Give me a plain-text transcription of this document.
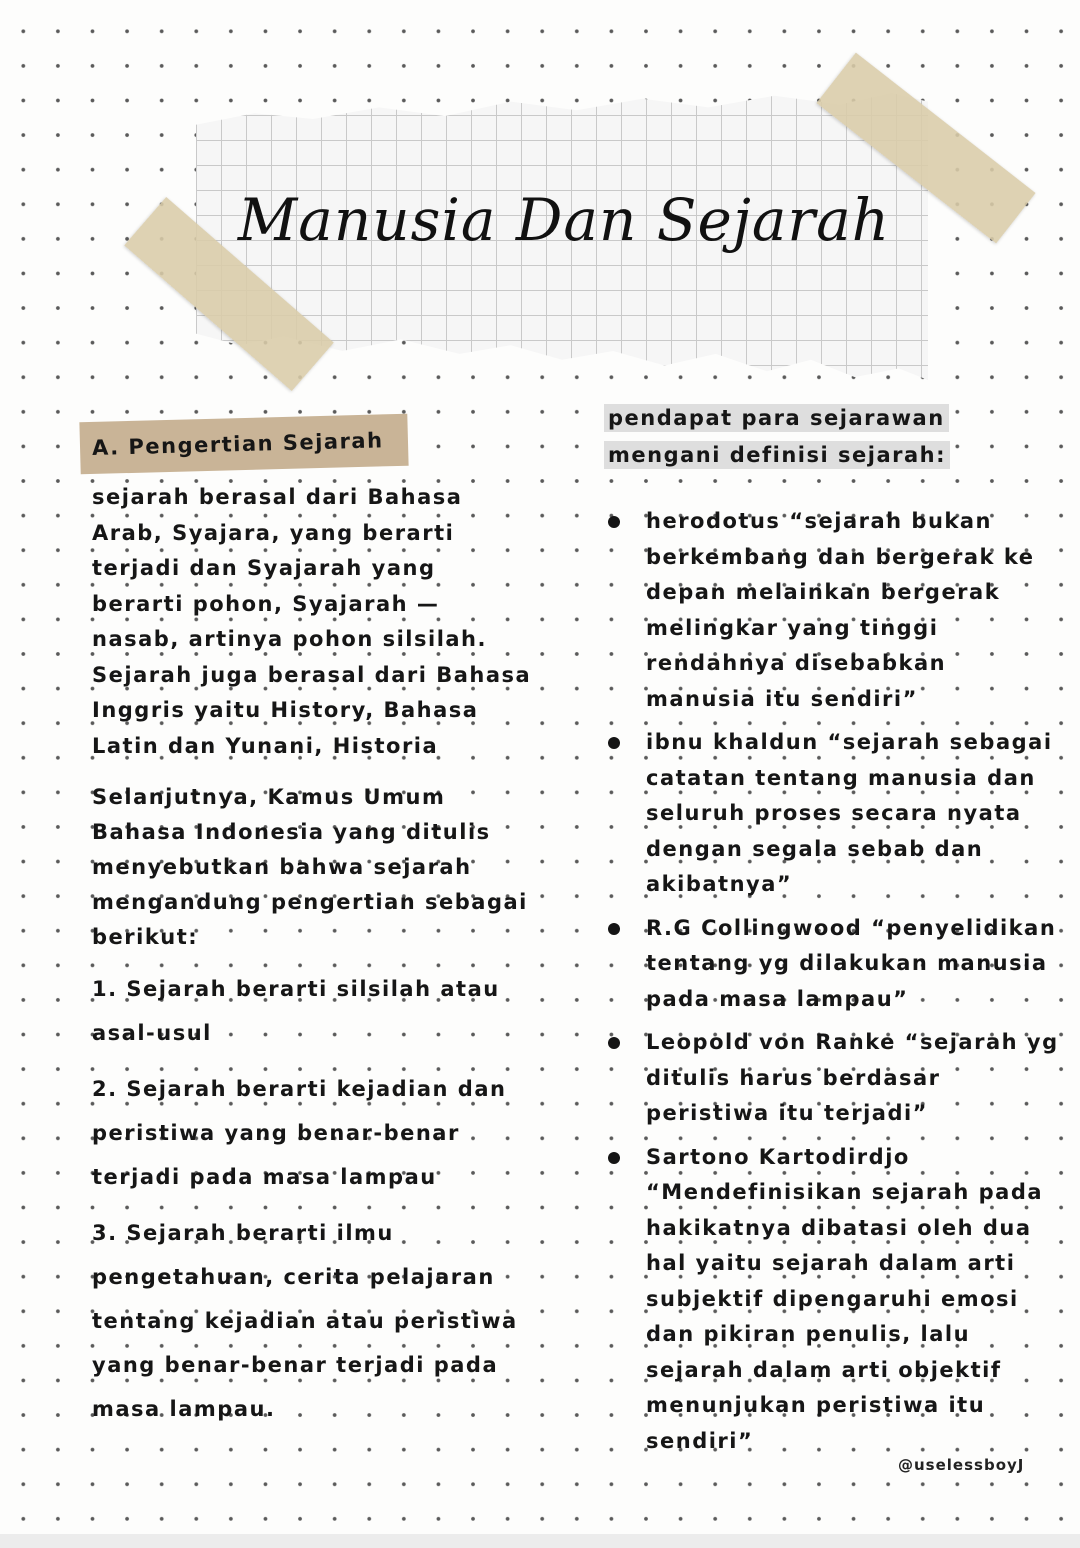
Manusia Dan Sejarah
A. Pengertian Sejarah

sejarah berasal dari Bahasa Arab, Syajara, yang berarti terjadi dan Syajarah yang berarti pohon, Syajarah — nasab, artinya pohon silsilah. Sejarah juga berasal dari Bahasa Inggris yaitu History, Bahasa Latin dan Yunani, Historia

Selanjutnya, Kamus Umum Bahasa Indonesia yang ditulis menyebutkan bahwa sejarah mengandung pengertian sebagai berikut:

1. Sejarah berarti silsilah atau asal-usul

2. Sejarah berarti kejadian dan peristiwa yang benar-benar terjadi pada masa lampau

3. Sejarah berarti ilmu pengetahuan, cerita pelajaran tentang kejadian atau peristiwa yang benar-benar terjadi pada masa lampau.

pendapat para sejarawan mengani definisi sejarah:
herodotus “sejarah bukan berkembang dan bergerak ke depan melainkan bergerak melingkar yang tinggi rendahnya disebabkan manusia itu sendiri”
ibnu khaldun “sejarah sebagai catatan tentang manusia dan seluruh proses secara nyata dengan segala sebab dan akibatnya”
R.G Collingwood “penyelidikan tentang yg dilakukan manusia pada masa lampau”
Leopold von Ranke “sejarah yg ditulis harus berdasar peristiwa itu terjadi”
Sartono Kartodirdjo “Mendefinisikan sejarah pada hakikatnya dibatasi oleh dua hal yaitu sejarah dalam arti subjektif dipengaruhi emosi dan pikiran penulis, lalu sejarah dalam arti objektif menunjukan peristiwa itu sendiri”
@uselessboyJ
